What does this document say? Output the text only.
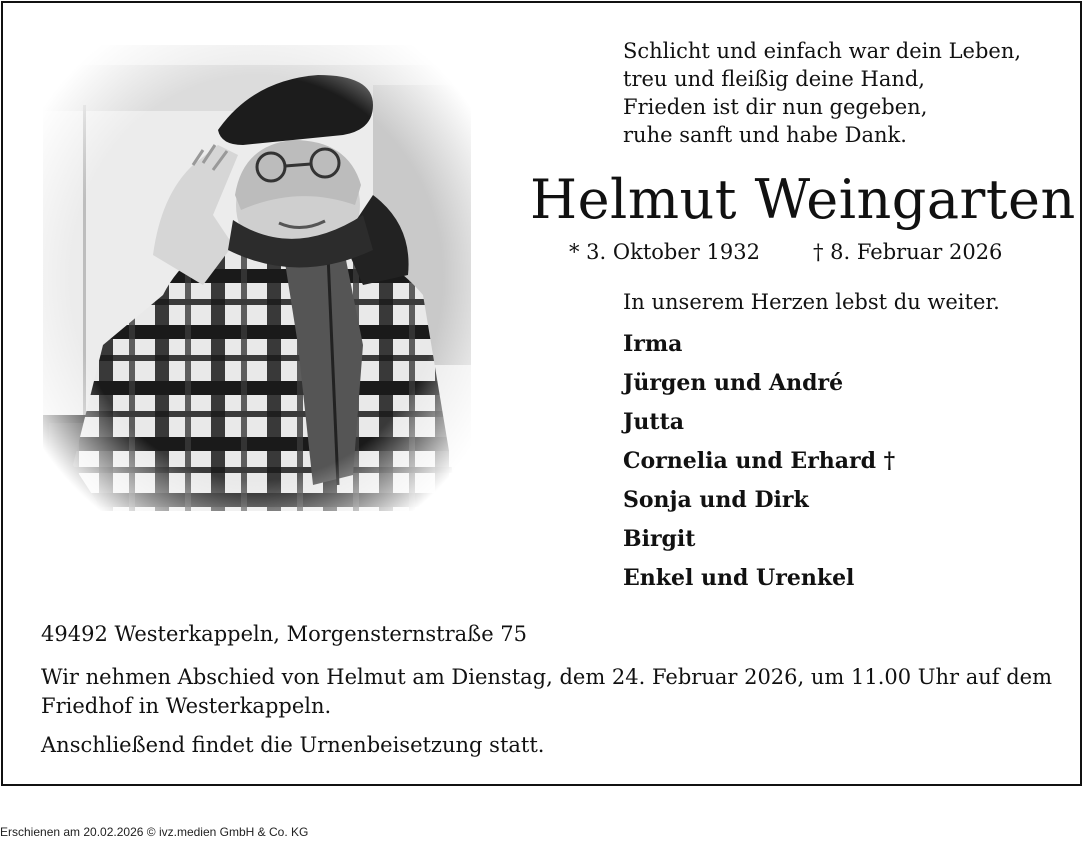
Schlicht und einfach war dein Leben,
treu und fleißig deine Hand,
Frieden ist dir nun gegeben,
ruhe sanft und habe Dank.
Helmut Weingarten
* 3. Oktober 1932	† 8. Februar 2026
In unserem Herzen lebst du weiter.
Irma
Jürgen und André
Jutta
Cornelia und Erhard †
Sonja und Dirk
Birgit
Enkel und Urenkel
49492 Westerkappeln, Morgensternstraße 75
Wir nehmen Abschied von Helmut am Dienstag, dem 24. Februar 2026, um 11.00 Uhr auf dem Friedhof in Westerkappeln.
Anschließend findet die Urnenbeisetzung statt.
Erschienen am 20.02.2026 © ivz.medien GmbH & Co. KG
